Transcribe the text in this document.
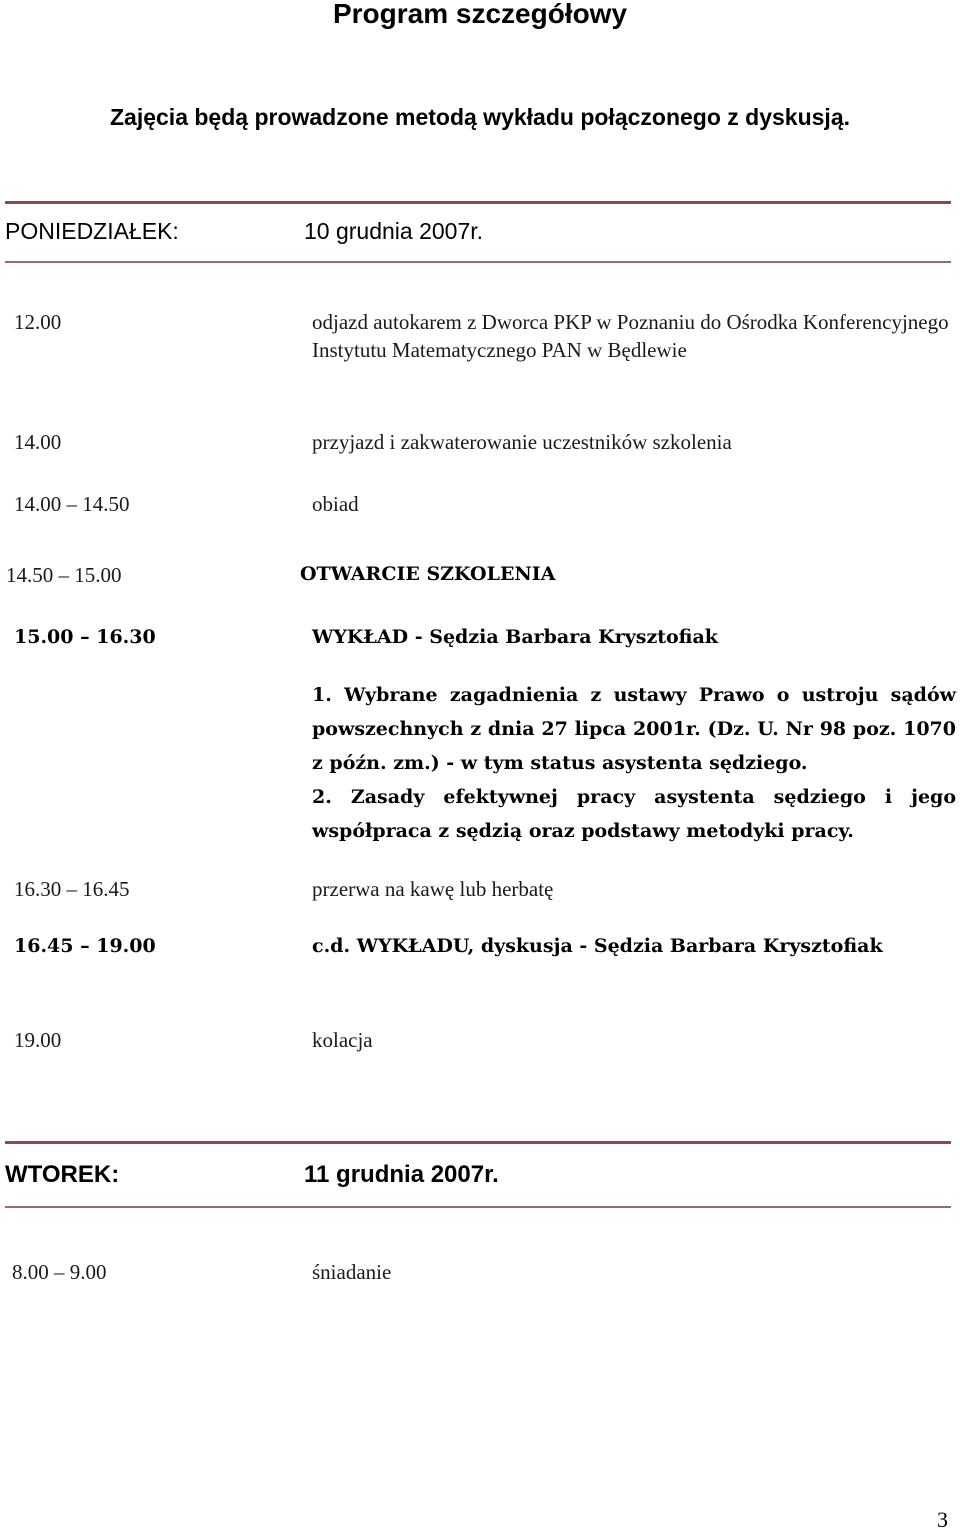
Program szczegółowy
Zajęcia będą prowadzone metodą wykładu połączonego z dyskusją.
PONIEDZIAŁEK:	10 grudnia 2007r.
12.00	odjazd autokarem z Dworca PKP w Poznaniu do Ośrodka Konferencyjnego Instytutu Matematycznego PAN w Będlewie
14.00	przyjazd i zakwaterowanie uczestników szkolenia
14.00 – 14.50	obiad
14.50 – 15.00	OTWARCIE SZKOLENIA
15.00 – 16.30	WYKŁAD - Sędzia Barbara Krysztofiak

1. Wybrane zagadnienia z ustawy Prawo o ustroju sądów powszechnych z dnia 27 lipca 2001r. (Dz. U. Nr 98 poz. 1070 z późn. zm.) - w tym status asystenta sędziego.

2. Zasady efektywnej pracy asystenta sędziego i jego współpraca z sędzią oraz podstawy metodyki pracy.

16.30 – 16.45	przerwa na kawę lub herbatę
16.45 – 19.00	c.d. WYKŁADU, dyskusja - Sędzia Barbara Krysztofiak
19.00	kolacja
WTOREK:	11 grudnia 2007r.
8.00 – 9.00	śniadanie
3
